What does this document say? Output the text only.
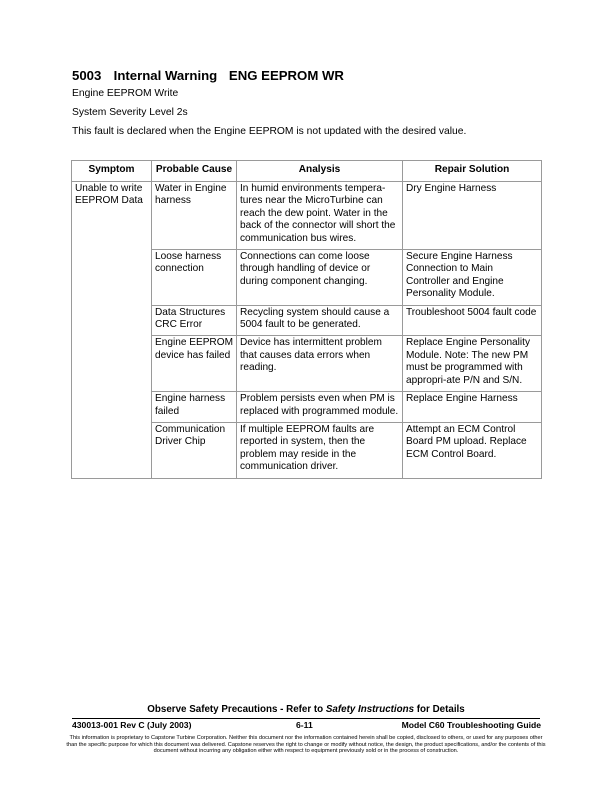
5003 Internal Warning ENG EEPROM WR
Engine EEPROM Write
System Severity Level 2s
This fault is declared when the Engine EEPROM is not updated with the desired value.
Symptom	Probable Cause	Analysis	Repair Solution
Unable to write EEPROM Data	Water in Engine harness	In humid environments tempera-tures near the MicroTurbine can reach the dew point. Water in the back of the connector will short the communication bus wires.	Dry Engine Harness
	Loose harness connection	Connections can come loose through handling of device or during component changing.	Secure Engine Harness Connection to Main Controller and Engine Personality Module.
	Data Structures CRC Error	Recycling system should cause a 5004 fault to be generated.	Troubleshoot 5004 fault code
	Engine EEPROM device has failed	Device has intermittent problem that causes data errors when reading.	Replace Engine Personality Module. Note: The new PM must be programmed with appropri-ate P/N and S/N.
	Engine harness failed	Problem persists even when PM is replaced with programmed module.	Replace Engine Harness
	Communication Driver Chip	If multiple EEPROM faults are reported in system, then the problem may reside in the communication driver.	Attempt an ECM Control Board PM upload. Replace ECM Control Board.
Observe Safety Precautions - Refer to Safety Instructions for Details
430013-001 Rev C (July 2003)	6-11	Model C60 Troubleshooting Guide
This information is proprietary to Capstone Turbine Corporation. Neither this document nor the information contained herein shall be copied, disclosed to others, or used for any purposes other than the specific purpose for which this document was delivered. Capstone reserves the right to change or modify without notice, the design, the product specifications, and/or the contents of this document without incurring any obligation either with respect to equipment previously sold or in the process of construction.
